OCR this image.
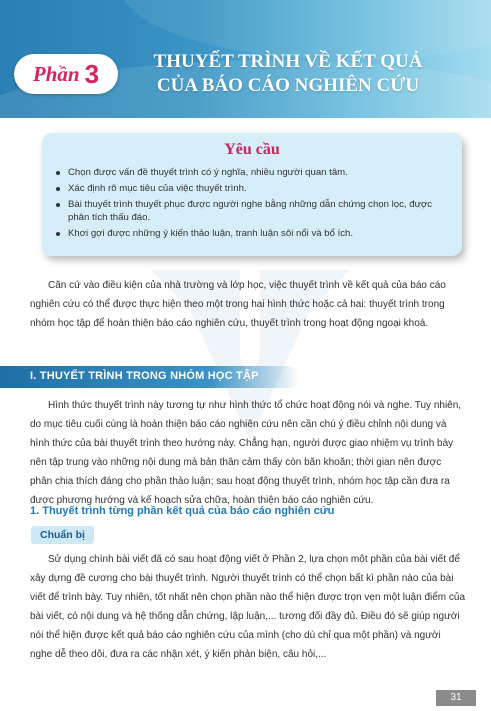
Phần 3	THUYẾT TRÌNH VỀ KẾT QUẢ
CỦA BÁO CÁO NGHIÊN CỨU
Yêu cầu
Chọn được vấn đề thuyết trình có ý nghĩa, nhiều người quan tâm.
Xác định rõ mục tiêu của việc thuyết trình.
Bài thuyết trình thuyết phục được người nghe bằng những dẫn chứng chọn lọc, được phân tích thấu đáo.
Khơi gợi được những ý kiến thảo luận, tranh luận sôi nổi và bổ ích.

Căn cứ vào điều kiện của nhà trường và lớp học, việc thuyết trình về kết quả của báo cáo nghiên cứu có thể được thực hiện theo một trong hai hình thức hoặc cả hai: thuyết trình trong nhóm học tập để hoàn thiện báo cáo nghiên cứu, thuyết trình trong hoạt động ngoại khoá.

I. THUYẾT TRÌNH TRONG NHÓM HỌC TẬP

Hình thức thuyết trình này tương tự như hình thức tổ chức hoạt động nói và nghe. Tuy nhiên, do mục tiêu cuối cùng là hoàn thiện báo cáo nghiên cứu nên cần chú ý điều chỉnh nội dung và hình thức của bài thuyết trình theo hướng này. Chẳng hạn, người được giao nhiệm vụ trình bày nên tập trung vào những nội dung mà bản thân cảm thấy còn băn khoăn; thời gian nên được phân chia thích đáng cho phần thảo luận; sau hoạt động thuyết trình, nhóm học tập cần đưa ra được phương hướng và kế hoạch sửa chữa, hoàn thiện báo cáo nghiên cứu.

1. Thuyết trình từng phần kết quả của báo cáo nghiên cứu
Chuẩn bị

Sử dụng chính bài viết đã có sau hoạt động viết ở Phần 2, lựa chọn một phần của bài viết để xây dựng đề cương cho bài thuyết trình. Người thuyết trình có thể chọn bất kì phần nào của bài viết để trình bày. Tuy nhiên, tốt nhất nên chọn phần nào thể hiện được trọn vẹn một luận điểm của bài viết, có nội dung và hệ thống dẫn chứng, lập luận,... tương đối đầy đủ. Điều đó sẽ giúp người nói thể hiện được kết quả báo cáo nghiên cứu của mình (cho dù chỉ qua một phần) và người nghe dễ theo dõi, đưa ra các nhận xét, ý kiến phản biện, câu hỏi,...

31
